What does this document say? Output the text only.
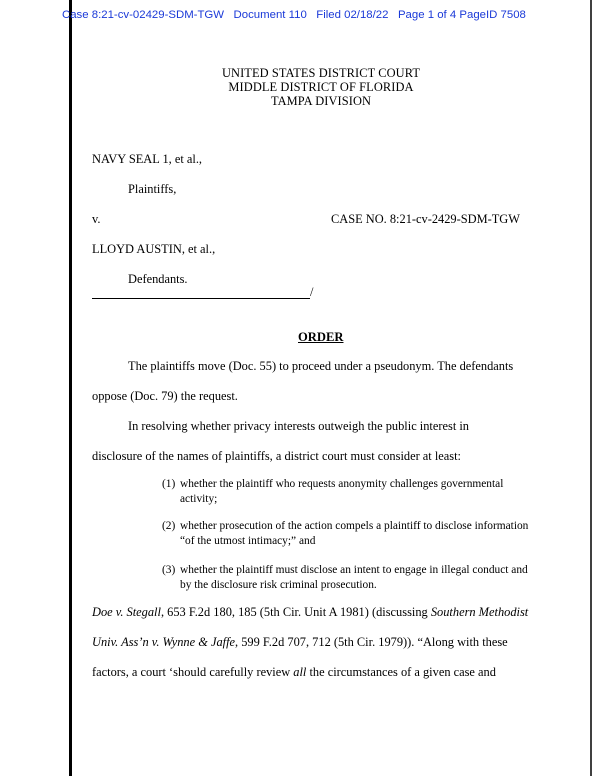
Case 8:21-cv-02429-SDM-TGW   Document 110   Filed 02/18/22   Page 1 of 4 PageID 7508
UNITED STATES DISTRICT COURT
MIDDLE DISTRICT OF FLORIDA
TAMPA DIVISION
NAVY SEAL 1, et al.,
Plaintiffs,
v.	CASE NO. 8:21-cv-2429-SDM-TGW
LLOYD AUSTIN, et al.,
Defendants.
/
ORDER
The plaintiffs move (Doc. 55) to proceed under a pseudonym. The defendants
oppose (Doc. 79) the request.
In resolving whether privacy interests outweigh the public interest in
disclosure of the names of plaintiffs, a district court must consider at least:
(1) whether the plaintiff who requests anonymity challenges governmental activity;
(2) whether prosecution of the action compels a plaintiff to disclose information “of the utmost intimacy;” and
(3) whether the plaintiff must disclose an intent to engage in illegal conduct and by the disclosure risk criminal prosecution.
Doe v. Stegall, 653 F.2d 180, 185 (5th Cir. Unit A 1981) (discussing Southern Methodist
Univ. Ass’n v. Wynne & Jaffe, 599 F.2d 707, 712 (5th Cir. 1979)). “Along with these
factors, a court ‘should carefully review all the circumstances of a given case and
